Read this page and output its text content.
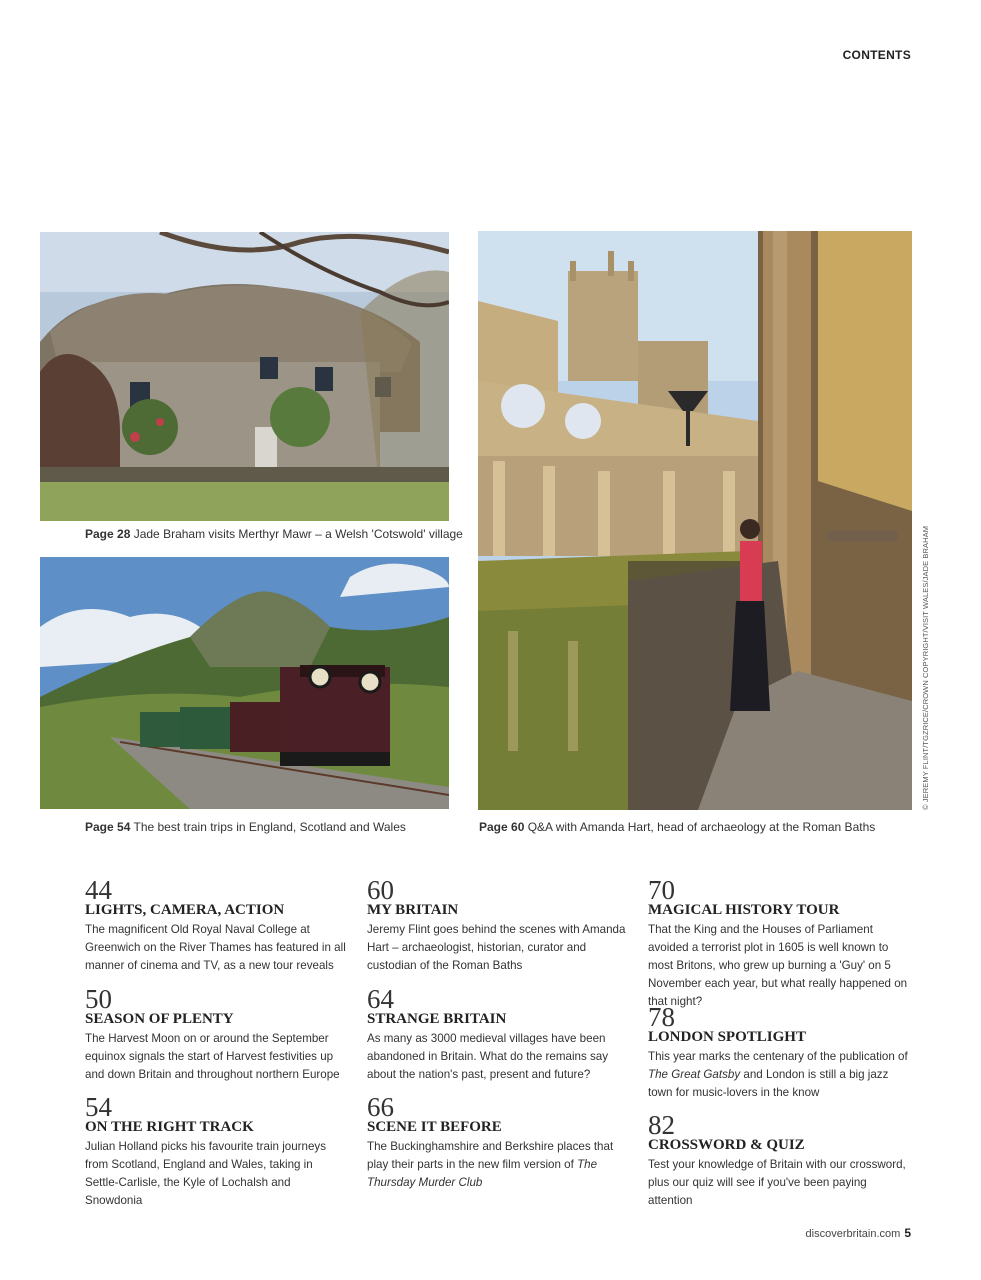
CONTENTS
Page 28 Jade Braham visits Merthyr Mawr – a Welsh 'Cotswold' village
Page 54 The best train trips in England, Scotland and Wales	Page 60 Q&A with Amanda Hart, head of archaeology at the Roman Baths
© JEREMY FLINT/TGZRICE/CROWN COPYRIGHT/VISIT WALES/JADE BRAHAM
44
LIGHTS, CAMERA, ACTION
The magnificent Old Royal Naval College at Greenwich on the River Thames has featured in all manner of cinema and TV, as a new tour reveals
50
SEASON OF PLENTY
The Harvest Moon on or around the September equinox signals the start of Harvest festivities up and down Britain and throughout northern Europe
54
ON THE RIGHT TRACK
Julian Holland picks his favourite train journeys from Scotland, England and Wales, taking in Settle-Carlisle, the Kyle of Lochalsh and Snowdonia
60
MY BRITAIN
Jeremy Flint goes behind the scenes with Amanda Hart – archaeologist, historian, curator and custodian of the Roman Baths
64
STRANGE BRITAIN
As many as 3000 medieval villages have been abandoned in Britain. What do the remains say about the nation's past, present and future?
66
SCENE IT BEFORE
The Buckinghamshire and Berkshire places that play their parts in the new film version of The Thursday Murder Club
70
MAGICAL HISTORY TOUR
That the King and the Houses of Parliament avoided a terrorist plot in 1605 is well known to most Britons, who grew up burning a 'Guy' on 5 November each year, but what really happened on that night?
78
LONDON SPOTLIGHT
This year marks the centenary of the publication of The Great Gatsby and London is still a big jazz town for music-lovers in the know
82
CROSSWORD & QUIZ
Test your knowledge of Britain with our crossword, plus our quiz will see if you've been paying attention
discoverbritain.com 5
